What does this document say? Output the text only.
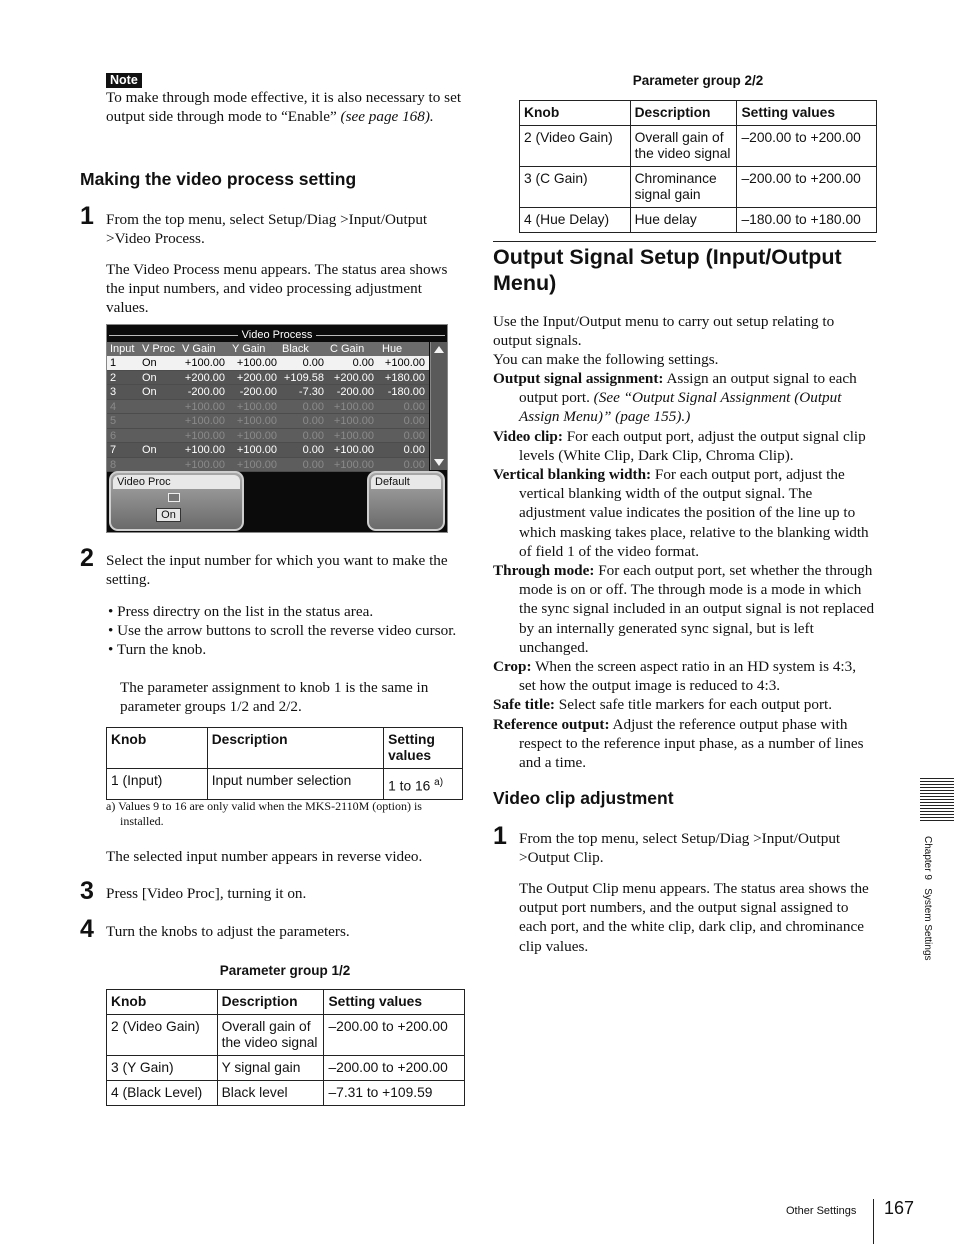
Note
To make through mode effective, it is also necessary to set output side through mode to “Enable” (see page 168).
Making the video process setting
1 From the top menu, select Setup/Diag >Input/Output
>Video Process.
The Video Process menu appears. The status area shows the input numbers, and video processing adjustment values.
Video Process
Input V Proc V Gain Y Gain Black C Gain Hue
1 On	+100.00 +100.00 0.00	0.00 +100.00
2 On	+200.00 +200.00 +109.58 +200.00 +180.00
3 On	-200.00 -200.00 -7.30 -200.00 -180.00
4	+100.00 +100.00 0.00 +100.00	0.00
5	+100.00 +100.00 0.00 +100.00	0.00
6	+100.00 +100.00 0.00 +100.00	0.00
7 On	+100.00 +100.00 0.00 +100.00	0.00
8	+100.00 +100.00 0.00 +100.00	0.00
Video Proc
On
Default
2 Select the input number for which you want to make the setting.
• Press directry on the list in the status area.
• Use the arrow buttons to scroll the reverse video cursor.
• Turn the knob.
The parameter assignment to knob 1 is the same in parameter groups 1/2 and 2/2.
Knob	Description	Setting values
1 (Input)	Input number selection	1 to 16 $^{a)}$
a) Values 9 to 16 are only valid when the MKS-2110M (option) is installed.
The selected input number appears in reverse video.
3 Press [Video Proc], turning it on.
4 Turn the knobs to adjust the parameters.
Parameter group 1/2
Knob	Description	Setting values
2 (Video Gain)	Overall gain of the video signal	–200.00 to +200.00
3 (Y Gain)	Y signal gain	–200.00 to +200.00
4 (Black Level)	Black level	–7.31 to +109.59
Parameter group 2/2
Knob	Description	Setting values
2 (Video Gain)	Overall gain of the video signal	–200.00 to +200.00
3 (C Gain)	Chrominance signal gain	–200.00 to +200.00
4 (Hue Delay)	Hue delay	–180.00 to +180.00
Output Signal Setup (Input/Output Menu)
Use the Input/Output menu to carry out setup relating to output signals.
You can make the following settings.
Output signal assignment: Assign an output signal to each output port. (See “Output Signal Assignment (Output Assign Menu)” (page 155).)
Video clip: For each output port, adjust the output signal clip levels (White Clip, Dark Clip, Chroma Clip).
Vertical blanking width: For each output port, adjust the vertical blanking width of the output signal. The adjustment value indicates the position of the line up to which masking takes place, relative to the blanking width of field 1 of the video format.
Through mode: For each output port, set whether the through mode is on or off. The through mode is a mode in which the sync signal included in an output signal is not replaced by an internally generated sync signal, but is left unchanged.
Crop: When the screen aspect ratio in an HD system is 4:3, set how the output image is reduced to 4:3.
Safe title: Select safe title markers for each output port.
Reference output: Adjust the reference output phase with respect to the reference input phase, as a number of lines and a time.
Video clip adjustment
1 From the top menu, select Setup/Diag >Input/Output
>Output Clip.
The Output Clip menu appears. The status area shows the output port numbers, and the output signal assigned to each port, and the white clip, dark clip, and chrominance clip values.	Chapter 9   System Settings
Other Settings 167
